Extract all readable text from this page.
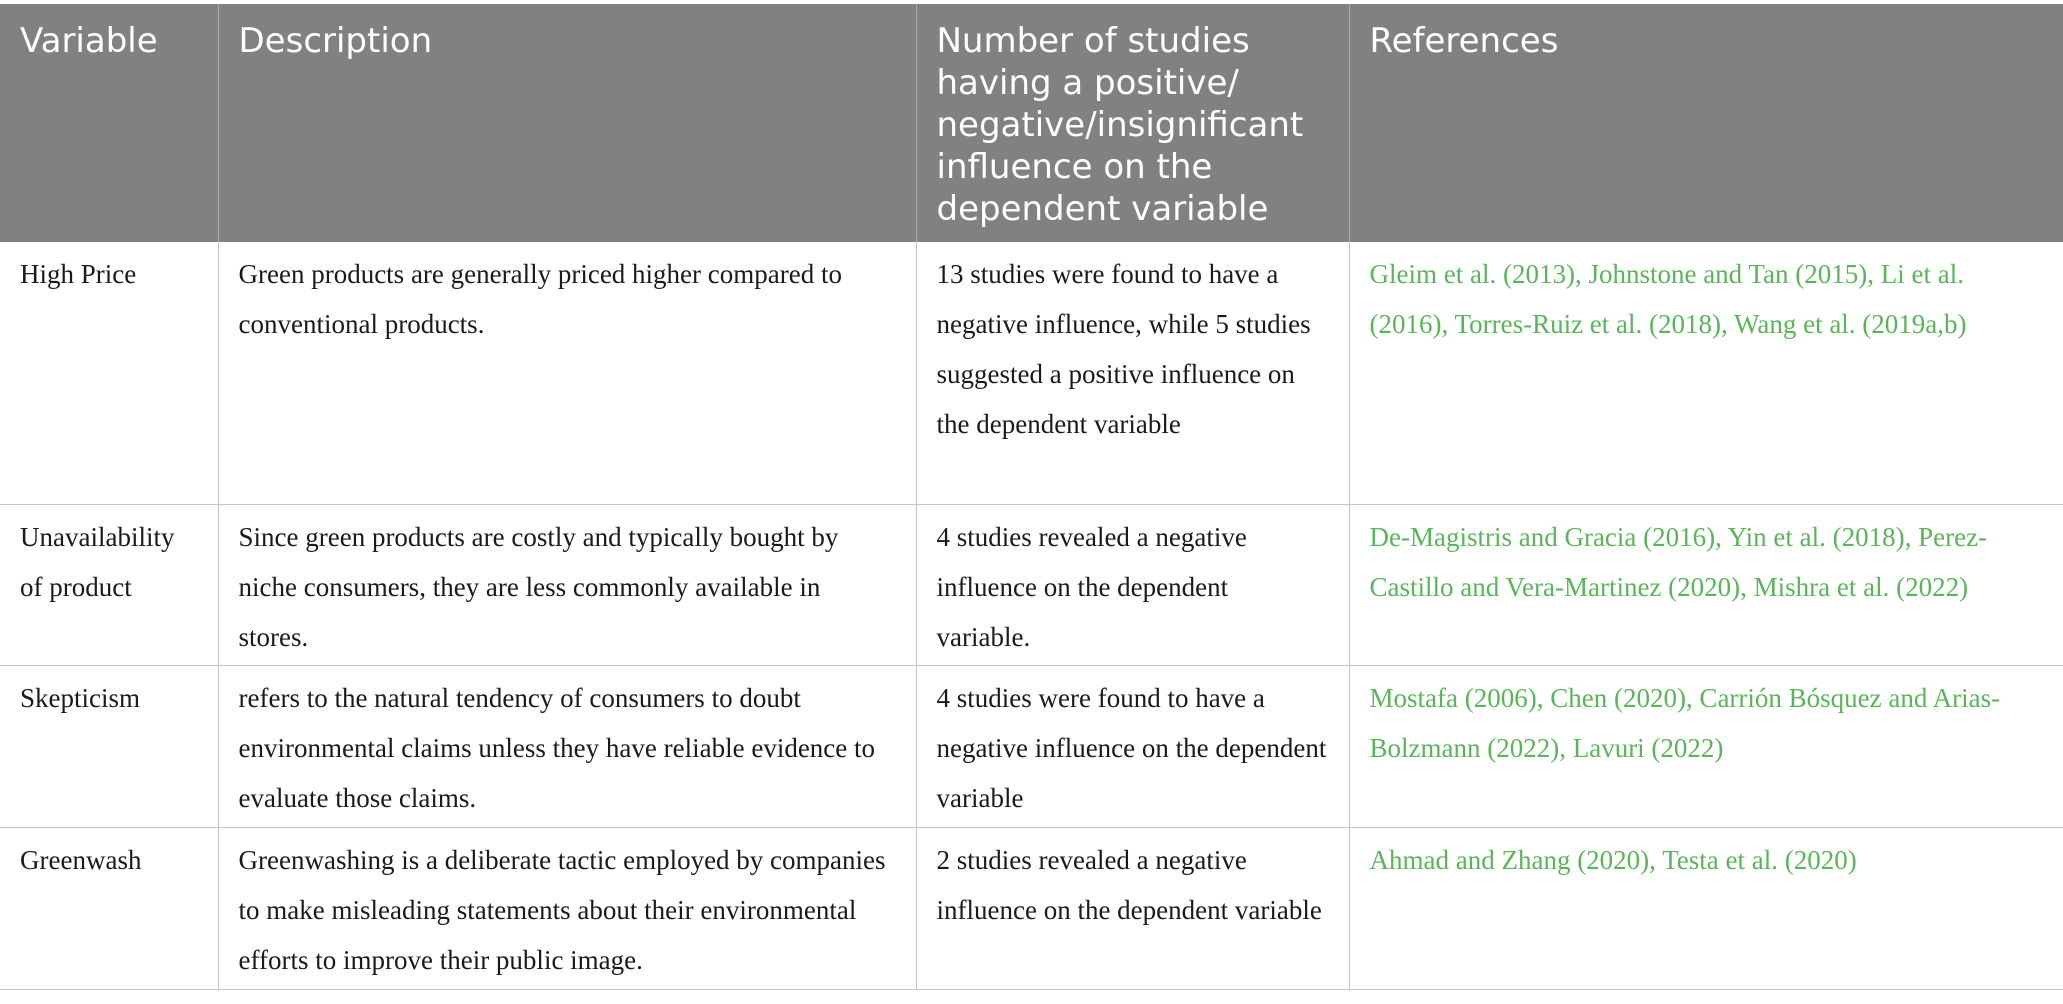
Variable	Description	Number of studies having a positive/ negative/insignificant influence on the dependent variable	References
High Price	Green products are generally priced higher compared to conventional products.	13 studies were found to have a negative influence, while 5 studies suggested a positive influence on the dependent variable	Gleim et al. (2013), Johnstone and Tan (2015), Li et al. (2016), Torres-Ruiz et al. (2018), Wang et al. (2019a,b)
Unavailability of product	Since green products are costly and typically bought by niche consumers, they are less commonly available in stores.	4 studies revealed a negative influence on the dependent variable.	De-Magistris and Gracia (2016), Yin et al. (2018), Perez-Castillo and Vera-Martinez (2020), Mishra et al. (2022)
Skepticism	refers to the natural tendency of consumers to doubt environmental claims unless they have reliable evidence to evaluate those claims.	4 studies were found to have a negative influence on the dependent variable	Mostafa (2006), Chen (2020), Carrión Bósquez and Arias-Bolzmann (2022), Lavuri (2022)
Greenwash	Greenwashing is a deliberate tactic employed by companies to make misleading statements about their environmental efforts to improve their public image.	2 studies revealed a negative influence on the dependent variable	Ahmad and Zhang (2020), Testa et al. (2020)
